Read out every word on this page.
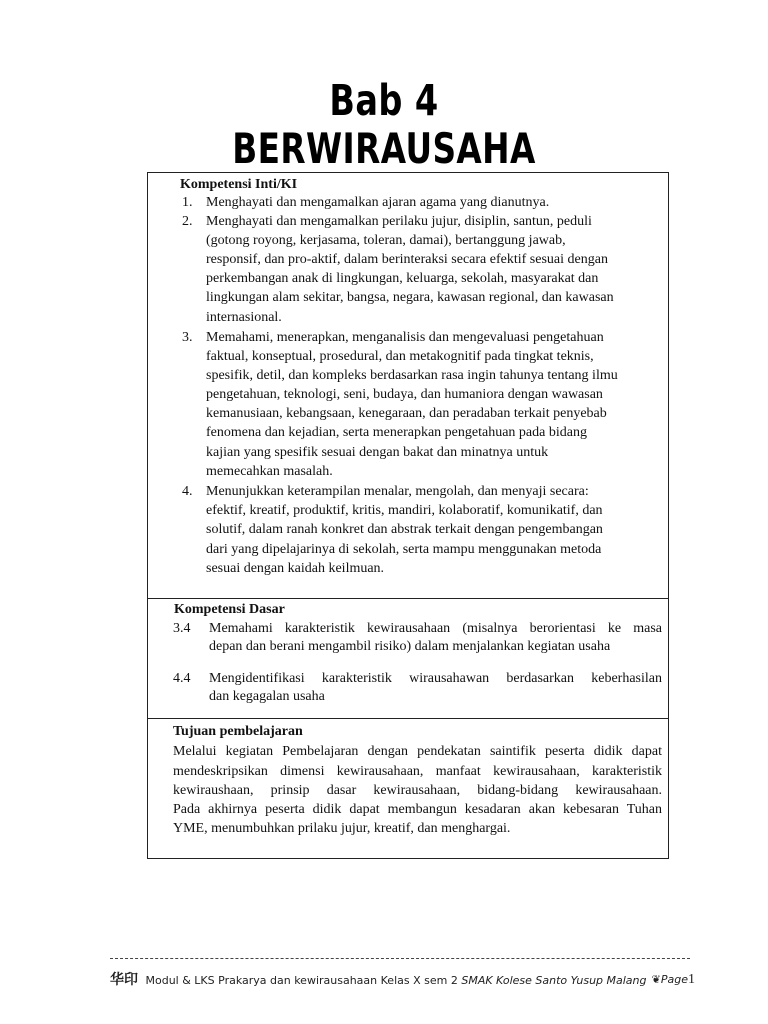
Bab 4
BERWIRAUSAHA
Kompetensi Inti/KI
1. Menghayati dan mengamalkan ajaran agama yang dianutnya.
2. Menghayati dan mengamalkan perilaku jujur, disiplin, santun, peduli
(gotong royong, kerjasama, toleran, damai), bertanggung jawab,
responsif, dan pro-aktif, dalam berinteraksi secara efektif sesuai dengan
perkembangan anak di lingkungan, keluarga, sekolah, masyarakat dan
lingkungan alam sekitar, bangsa, negara, kawasan regional, dan kawasan
internasional.
3. Memahami, menerapkan, menganalisis dan mengevaluasi pengetahuan
faktual, konseptual, prosedural, dan metakognitif pada tingkat teknis,
spesifik, detil, dan kompleks berdasarkan rasa ingin tahunya tentang ilmu
pengetahuan, teknologi, seni, budaya, dan humaniora dengan wawasan
kemanusiaan, kebangsaan, kenegaraan, dan peradaban terkait penyebab
fenomena dan kejadian, serta menerapkan pengetahuan pada bidang
kajian yang spesifik sesuai dengan bakat dan minatnya untuk
memecahkan masalah.
4. Menunjukkan keterampilan menalar, mengolah, dan menyaji secara:
efektif, kreatif, produktif, kritis, mandiri, kolaboratif, komunikatif, dan
solutif, dalam ranah konkret dan abstrak terkait dengan pengembangan
dari yang dipelajarinya di sekolah, serta mampu menggunakan metoda
sesuai dengan kaidah keilmuan.
Kompetensi Dasar
3.4 Memahami karakteristik kewirausahaan (misalnya berorientasi ke masa
depan dan berani mengambil risiko) dalam menjalankan kegiatan usaha
4.4 Mengidentifikasi karakteristik wirausahawan berdasarkan keberhasilan
dan kegagalan usaha
Tujuan pembelajaran
Melalui kegiatan Pembelajaran dengan pendekatan saintifik peserta didik dapat
mendeskripsikan dimensi kewirausahaan, manfaat kewirausahaan, karakteristik
kewiraushaan, prinsip dasar kewirausahaan, bidang-bidang kewirausahaan.
Pada akhirnya peserta didik dapat membangun kesadaran akan kebesaran Tuhan
YME, menumbuhkan prilaku jujur, kreatif, dan menghargai.
华印 Modul & LKS Prakarya dan kewirausahaan Kelas X sem 2 SMAK Kolese Santo Yusup Malang ❦Page1
